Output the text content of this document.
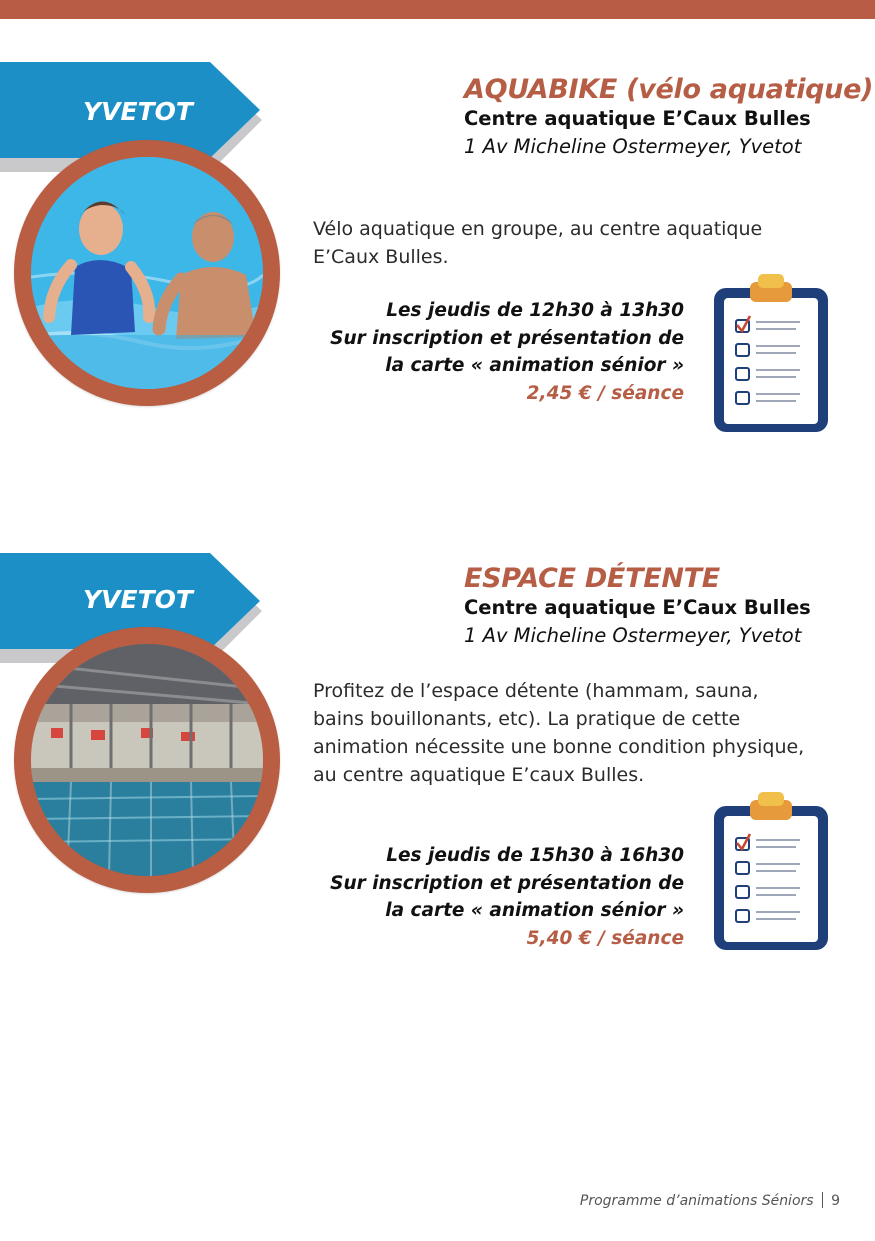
YVETOT
AQUABIKE (vélo aquatique)
Centre aquatique E’Caux Bulles
1 Av Micheline Ostermeyer, Yvetot
Vélo aquatique en groupe, au centre aquatique E’Caux Bulles.
Les jeudis de 12h30 à 13h30
Sur inscription et présentation de
la carte « animation sénior »
2,45 € / séance
YVETOT
ESPACE DÉTENTE
Centre aquatique E’Caux Bulles
1 Av Micheline Ostermeyer, Yvetot
Profitez de l’espace détente (hammam, sauna, bains bouillonants, etc). La pratique de cette animation nécessite une bonne condition physique, au centre aquatique E’caux Bulles.
Les jeudis de 15h30 à 16h30
Sur inscription et présentation de
la carte « animation sénior »
5,40 € / séance
Programme d’animations Séniors 9
